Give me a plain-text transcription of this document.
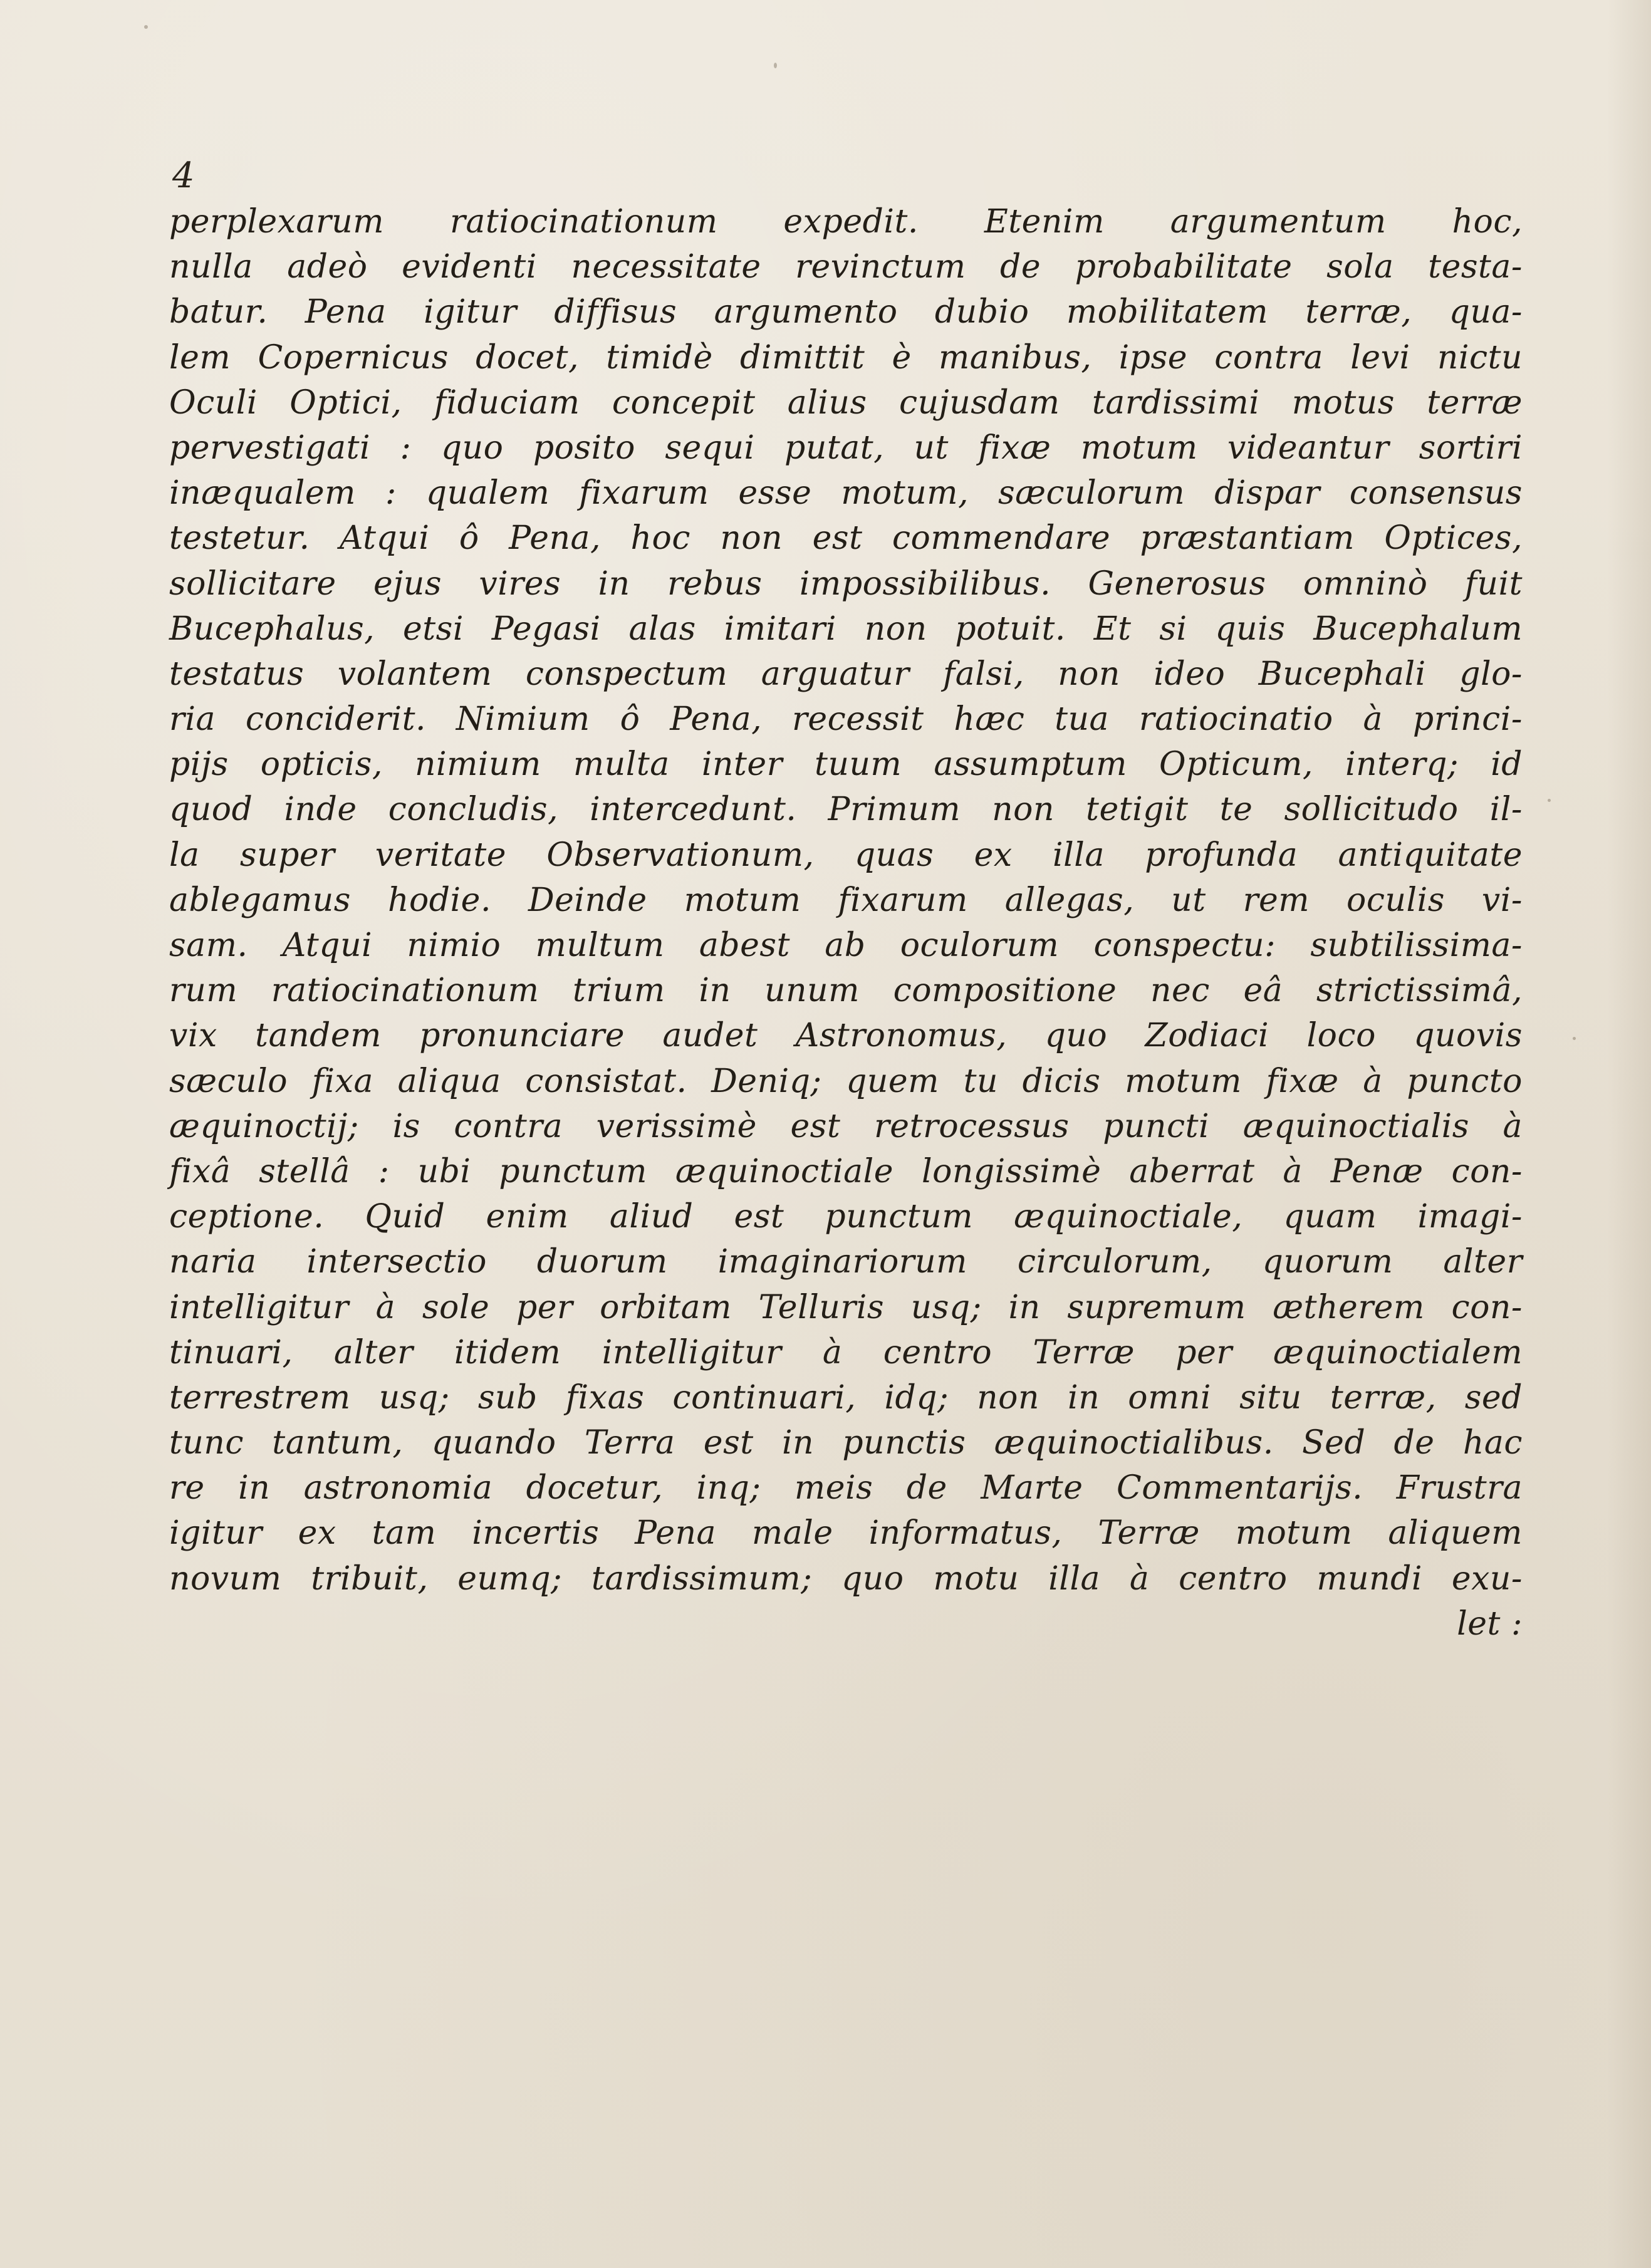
4

perplexarum ratiocinationum expedit. Etenim argumentum hoc,
nulla adeò evidenti necessitate revinctum de probabilitate sola testa-
batur. Pena igitur diffisus argumento dubio mobilitatem terræ, qua-
lem Copernicus docet, timidè dimittit è manibus, ipse contra levi nictu
Oculi Optici, fiduciam concepit alius cujusdam tardissimi motus terræ
pervestigati : quo posito sequi putat, ut fixæ motum videantur sortiri
inæqualem : qualem fixarum esse motum, sæculorum dispar consensus
testetur. Atqui ô Pena, hoc non est commendare præstantiam Optices,
sollicitare ejus vires in rebus impossibilibus. Generosus omninò fuit
Bucephalus, etsi Pegasi alas imitari non potuit. Et si quis Bucephalum
testatus volantem conspectum arguatur falsi, non ideo Bucephali glo-
ria conciderit. Nimium ô Pena, recessit hæc tua ratiocinatio à princi-
pijs opticis, nimium multa inter tuum assumptum Opticum, interq; id
quod inde concludis, intercedunt. Primum non tetigit te sollicitudo il-
la super veritate Observationum, quas ex illa profunda antiquitate
ablegamus hodie. Deinde motum fixarum allegas, ut rem oculis vi-
sam. Atqui nimio multum abest ab oculorum conspectu: subtilissima-
rum ratiocinationum trium in unum compositione nec eâ strictissimâ,
vix tandem pronunciare audet Astronomus, quo Zodiaci loco quovis
sæculo fixa aliqua consistat. Deniq; quem tu dicis motum fixæ à puncto
æquinoctij; is contra verissimè est retrocessus puncti æquinoctialis à
fixâ stellâ : ubi punctum æquinoctiale longissimè aberrat à Penæ con-
ceptione. Quid enim aliud est punctum æquinoctiale, quam imagi-
naria intersectio duorum imaginariorum circulorum, quorum alter
intelligitur à sole per orbitam Telluris usq; in supremum ætherem con-
tinuari, alter itidem intelligitur à centro Terræ per æquinoctialem
terrestrem usq; sub fixas continuari, idq; non in omni situ terræ, sed
tunc tantum, quando Terra est in punctis æquinoctialibus. Sed de hac
re in astronomia docetur, inq; meis de Marte Commentarijs. Frustra
igitur ex tam incertis Pena male informatus, Terræ motum aliquem
novum tribuit, eumq; tardissimum; quo motu illa à centro mundi exu-
let :
